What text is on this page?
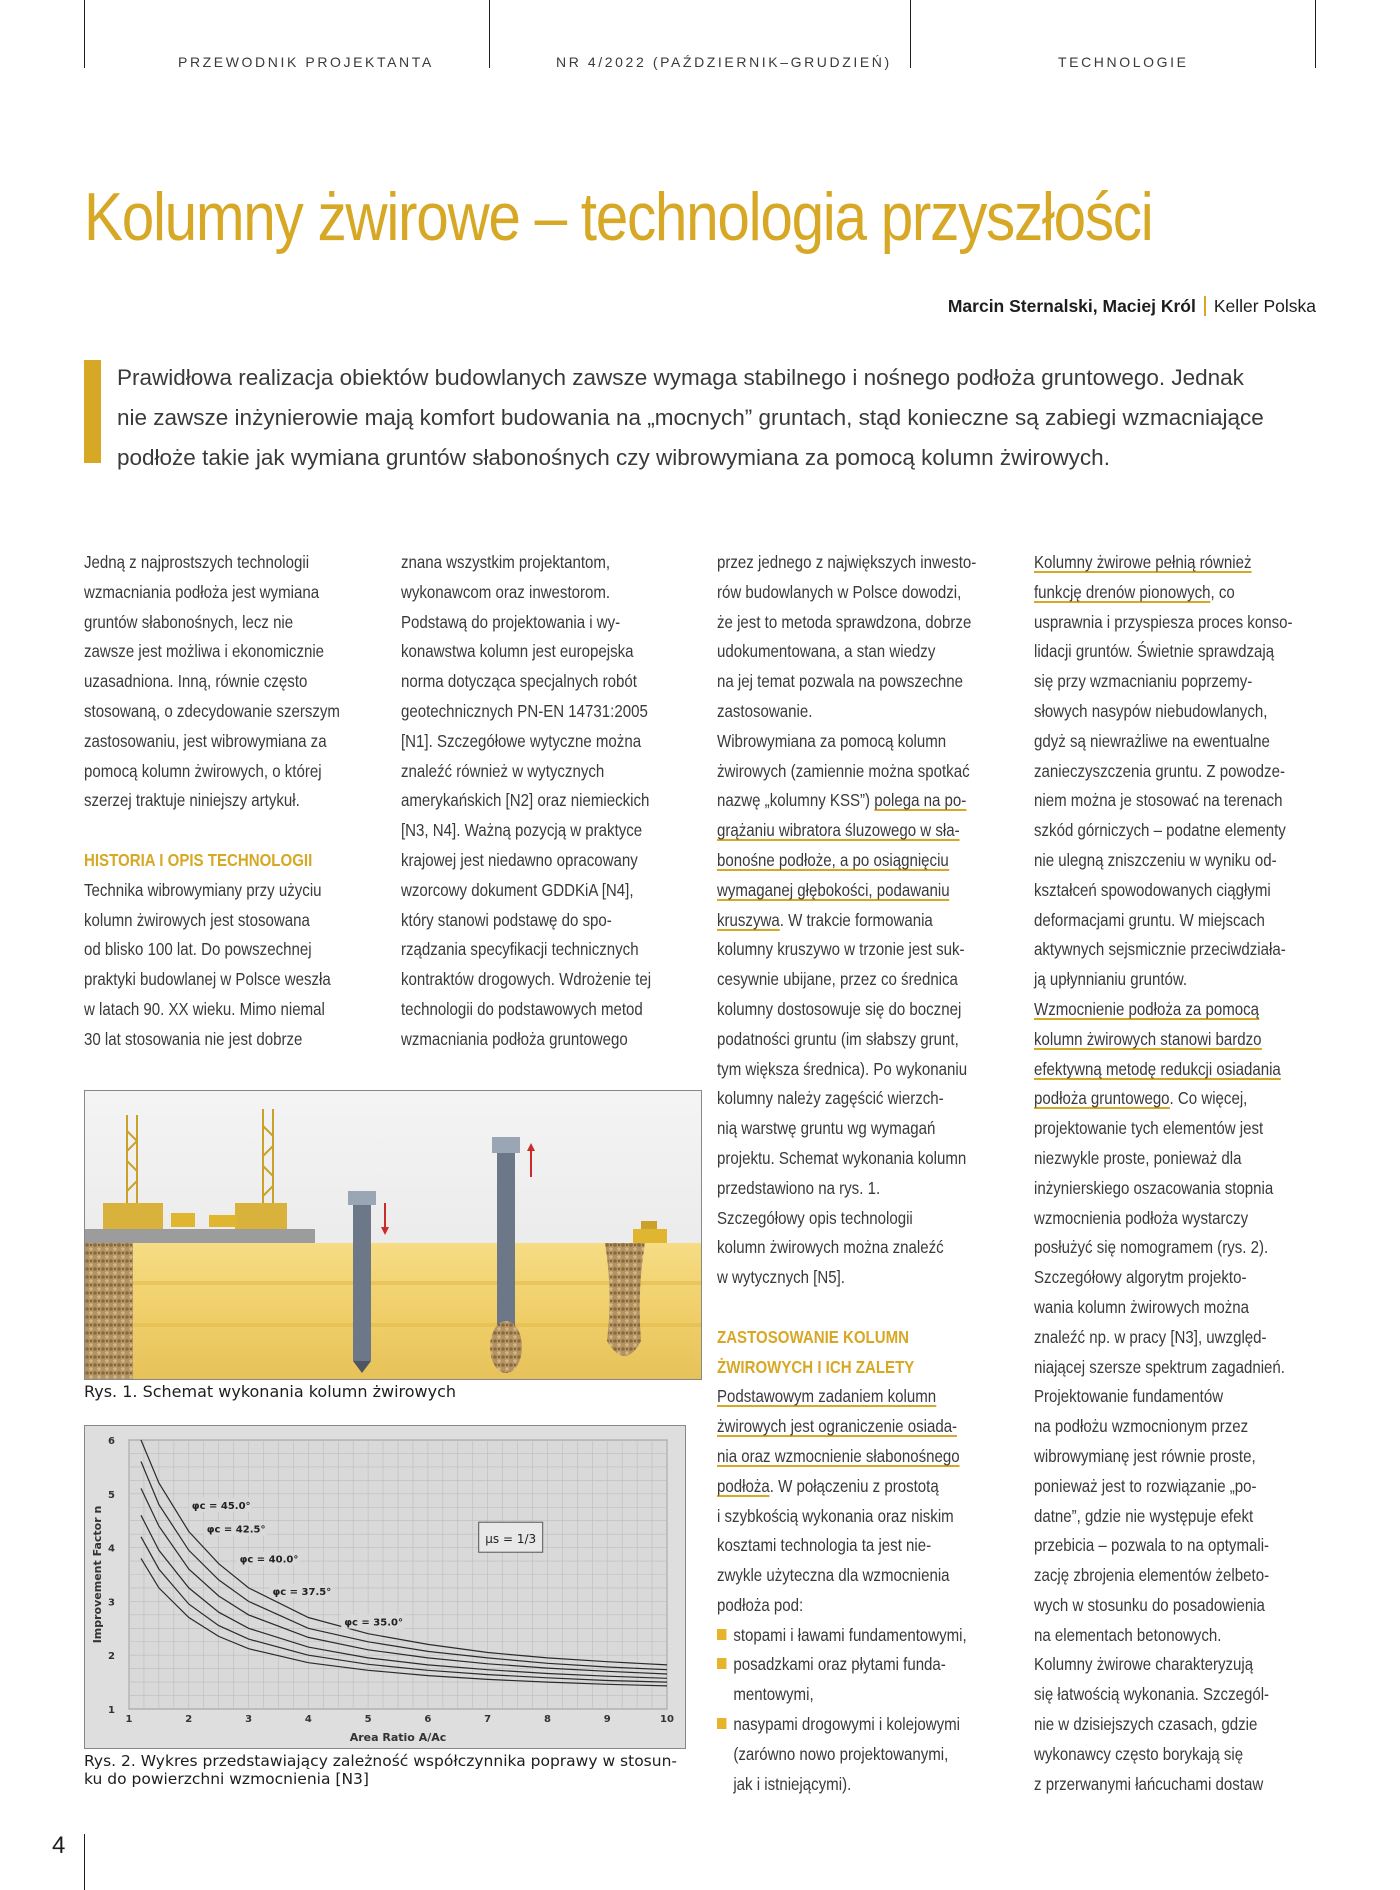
PRZEWODNIK PROJEKTANTA	NR 4/2022 (PAŹDZIERNIK–GRUDZIEŃ)	TECHNOLOGIE
Kolumny żwirowe – technologia przyszłości
Marcin Sternalski, Maciej Król Keller Polska
Prawidłowa realizacja obiektów budowlanych zawsze wymaga stabilnego i nośnego podłoża gruntowego. Jednak
nie zawsze inżynierowie mają komfort budowania na „mocnych” gruntach, stąd konieczne są zabiegi wzmacniające
podłoże takie jak wymiana gruntów słabonośnych czy wibrowymiana za pomocą kolumn żwirowych.

Jedną z najprostszych technologii

wzmacniania podłoża jest wymiana

gruntów słabonośnych, lecz nie

zawsze jest możliwa i ekonomicznie

uzasadniona. Inną, równie często

stosowaną, o zdecydowanie szerszym

zastosowaniu, jest wibrowymiana za

pomocą kolumn żwirowych, o której

szerzej traktuje niniejszy artykuł.

HISTORIA I OPIS TECHNOLOGII

Technika wibrowymiany przy użyciu

kolumn żwirowych jest stosowana

od blisko 100 lat. Do powszechnej

praktyki budowlanej w Polsce weszła

w latach 90. XX wieku. Mimo niemal

30 lat stosowania nie jest dobrze

znana wszystkim projektantom,

wykonawcom oraz inwestorom.

Podstawą do projektowania i wy-

konawstwa kolumn jest europejska

norma dotycząca specjalnych robót

geotechnicznych PN-EN 14731:2005

[N1]. Szczegółowe wytyczne można

znaleźć również w wytycznych

amerykańskich [N2] oraz niemieckich

[N3, N4]. Ważną pozycją w praktyce

krajowej jest niedawno opracowany

wzorcowy dokument GDDKiA [N4],

który stanowi podstawę do spo-

rządzania specyfikacji technicznych

kontraktów drogowych. Wdrożenie tej

technologii do podstawowych metod

wzmacniania podłoża gruntowego

przez jednego z największych inwesto-

rów budowlanych w Polsce dowodzi,

że jest to metoda sprawdzona, dobrze

udokumentowana, a stan wiedzy

na jej temat pozwala na powszechne

zastosowanie.

Wibrowymiana za pomocą kolumn

żwirowych (zamiennie można spotkać

nazwę „kolumny KSS”) polega na po-

grążaniu wibratora śluzowego w sła-

bonośne podłoże, a po osiągnięciu

wymaganej głębokości, podawaniu

kruszywa. W trakcie formowania

kolumny kruszywo w trzonie jest suk-

cesywnie ubijane, przez co średnica

kolumny dostosowuje się do bocznej

podatności gruntu (im słabszy grunt,

tym większa średnica). Po wykonaniu

kolumny należy zagęścić wierzch-

nią warstwę gruntu wg wymagań

projektu. Schemat wykonania kolumn

przedstawiono na rys. 1.

Szczegółowy opis technologii

kolumn żwirowych można znaleźć

w wytycznych [N5].

ZASTOSOWANIE KOLUMN

ŻWIROWYCH I ICH ZALETY

Podstawowym zadaniem kolumn

żwirowych jest ograniczenie osiada-

nia oraz wzmocnienie słabonośnego

podłoża. W połączeniu z prostotą

i szybkością wykonania oraz niskim

kosztami technologia ta jest nie-

zwykle użyteczna dla wzmocnienia

podłoża pod:

stopami i ławami fundamentowymi,

posadzkami oraz płytami funda-

mentowymi,

nasypami drogowymi i kolejowymi

(zarówno nowo projektowanymi,

jak i istniejącymi).

Kolumny żwirowe pełnią również

funkcję drenów pionowych, co

usprawnia i przyspiesza proces konso-

lidacji gruntów. Świetnie sprawdzają

się przy wzmacnianiu poprzemy-

słowych nasypów niebudowlanych,

gdyż są niewrażliwe na ewentualne

zanieczyszczenia gruntu. Z powodze-

niem można je stosować na terenach

szkód górniczych – podatne elementy

nie ulegną zniszczeniu w wyniku od-

kształceń spowodowanych ciągłymi

deformacjami gruntu. W miejscach

aktywnych sejsmicznie przeciwdziała-

ją upłynnianiu gruntów.

Wzmocnienie podłoża za pomocą

kolumn żwirowych stanowi bardzo

efektywną metodę redukcji osiadania

podłoża gruntowego. Co więcej,

projektowanie tych elementów jest

niezwykle proste, ponieważ dla

inżynierskiego oszacowania stopnia

wzmocnienia podłoża wystarczy

posłużyć się nomogramem (rys. 2).

Szczegółowy algorytm projekto-

wania kolumn żwirowych można

znaleźć np. w pracy [N3], uwzględ-

niającej szersze spektrum zagadnień.

Projektowanie fundamentów

na podłożu wzmocnionym przez

wibrowymianę jest równie proste,

ponieważ jest to rozwiązanie „po-

datne”, gdzie nie występuje efekt

przebicia – pozwala to na optymali-

zację zbrojenia elementów żelbeto-

wych w stosunku do posadowienia

na elementach betonowych.

Kolumny żwirowe charakteryzują

się łatwością wykonania. Szczegól-

nie w dzisiejszych czasach, gdzie

wykonawcy często borykają się

z przerwanymi łańcuchami dostaw

Rys. 1. Schemat wykonania kolumn żwirowych
1	2	3	4	5	6	7	8	9	10
1
2
3
4
5
6
Area Ratio A/Ac
Improvement Factor n	φc = 45.0°
φc = 42.5°
φc = 40.0°
φc = 37.5°
φc = 35.0°
μs = 1/3
Rys. 2. Wykres przedstawiający zależność współczynnika poprawy w stosun-
ku do powierzchni wzmocnienia [N3]
4
